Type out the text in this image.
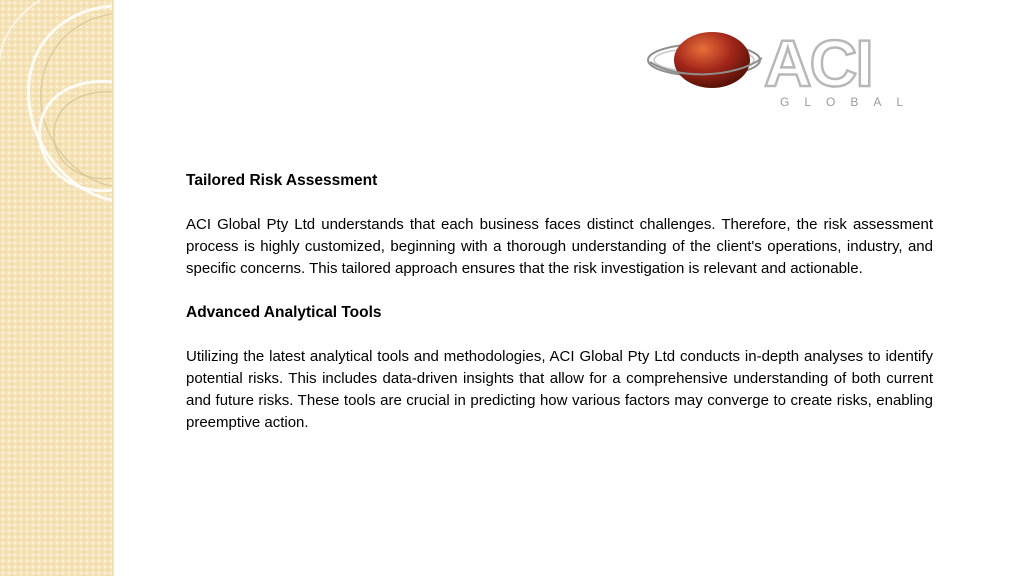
ACI
GLOBAL
Tailored Risk Assessment

ACI Global Pty Ltd understands that each business faces distinct challenges. Therefore, the risk assessment process is highly customized, beginning with a thorough understanding of the client's operations, industry, and specific concerns. This tailored approach ensures that the risk investigation is relevant and actionable.

Advanced Analytical Tools

Utilizing the latest analytical tools and methodologies, ACI Global Pty Ltd conducts in-depth analyses to identify potential risks. This includes data-driven insights that allow for a comprehensive understanding of both current and future risks. These tools are crucial in predicting how various factors may converge to create risks, enabling preemptive action.
